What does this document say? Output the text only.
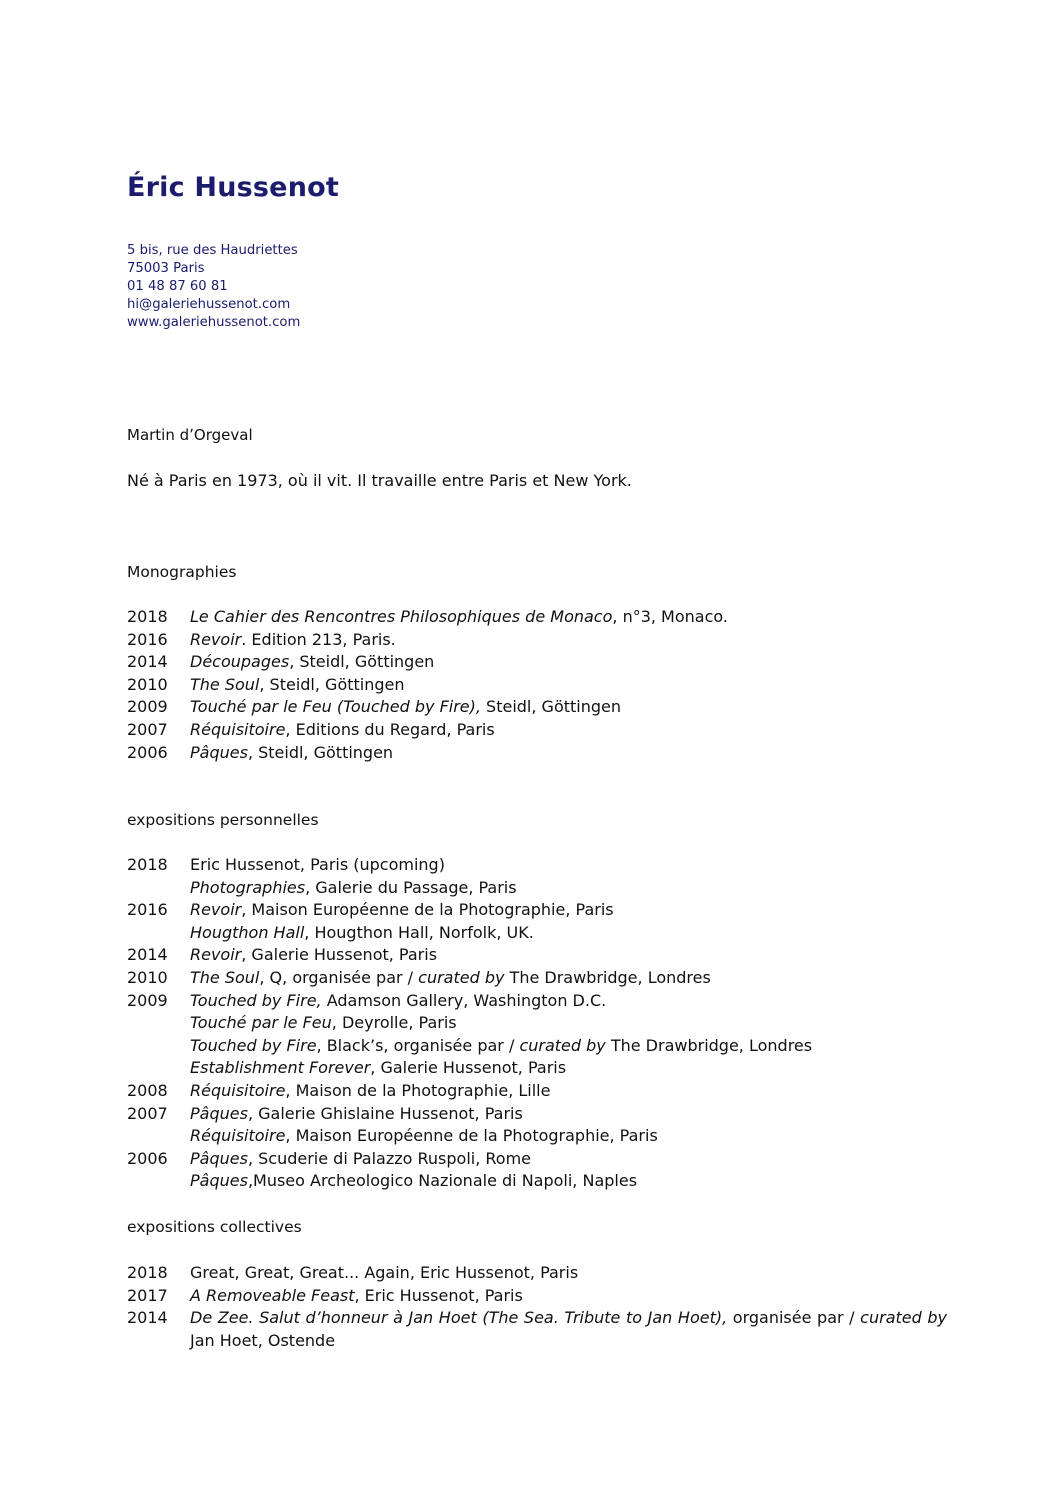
Éric Hussenot
5 bis, rue des Haudriettes
75003 Paris
01 48 87 60 81
hi@galeriehussenot.com
www.galeriehussenot.com
Martin d’Orgeval
Né à Paris en 1973, où il vit. Il travaille entre Paris et New York.
Monographies
2018	Le Cahier des Rencontres Philosophiques de Monaco, n°3, Monaco.
2016	Revoir. Edition 213, Paris.
2014	Découpages, Steidl, Göttingen
2010	The Soul, Steidl, Göttingen
2009	Touché par le Feu (Touched by Fire), Steidl, Göttingen
2007	Réquisitoire, Editions du Regard, Paris
2006	Pâques, Steidl, Göttingen
expositions personnelles
2018	Eric Hussenot, Paris (upcoming)
Photographies, Galerie du Passage, Paris
2016	Revoir, Maison Européenne de la Photographie, Paris
Hougthon Hall, Hougthon Hall, Norfolk, UK.
2014	Revoir, Galerie Hussenot, Paris
2010	The Soul, Q, organisée par / curated by The Drawbridge, Londres
2009	Touched by Fire, Adamson Gallery, Washington D.C.
Touché par le Feu, Deyrolle, Paris
Touched by Fire, Black’s, organisée par / curated by The Drawbridge, Londres
Establishment Forever, Galerie Hussenot, Paris
2008	Réquisitoire, Maison de la Photographie, Lille
2007	Pâques, Galerie Ghislaine Hussenot, Paris
Réquisitoire, Maison Européenne de la Photographie, Paris
2006	Pâques, Scuderie di Palazzo Ruspoli, Rome
Pâques,Museo Archeologico Nazionale di Napoli, Naples
expositions collectives
2018	Great, Great, Great... Again, Eric Hussenot, Paris
2017	A Removeable Feast, Eric Hussenot, Paris
2014	De Zee. Salut d’honneur à Jan Hoet (The Sea. Tribute to Jan Hoet), organisée par / curated by Jan Hoet, Ostende
